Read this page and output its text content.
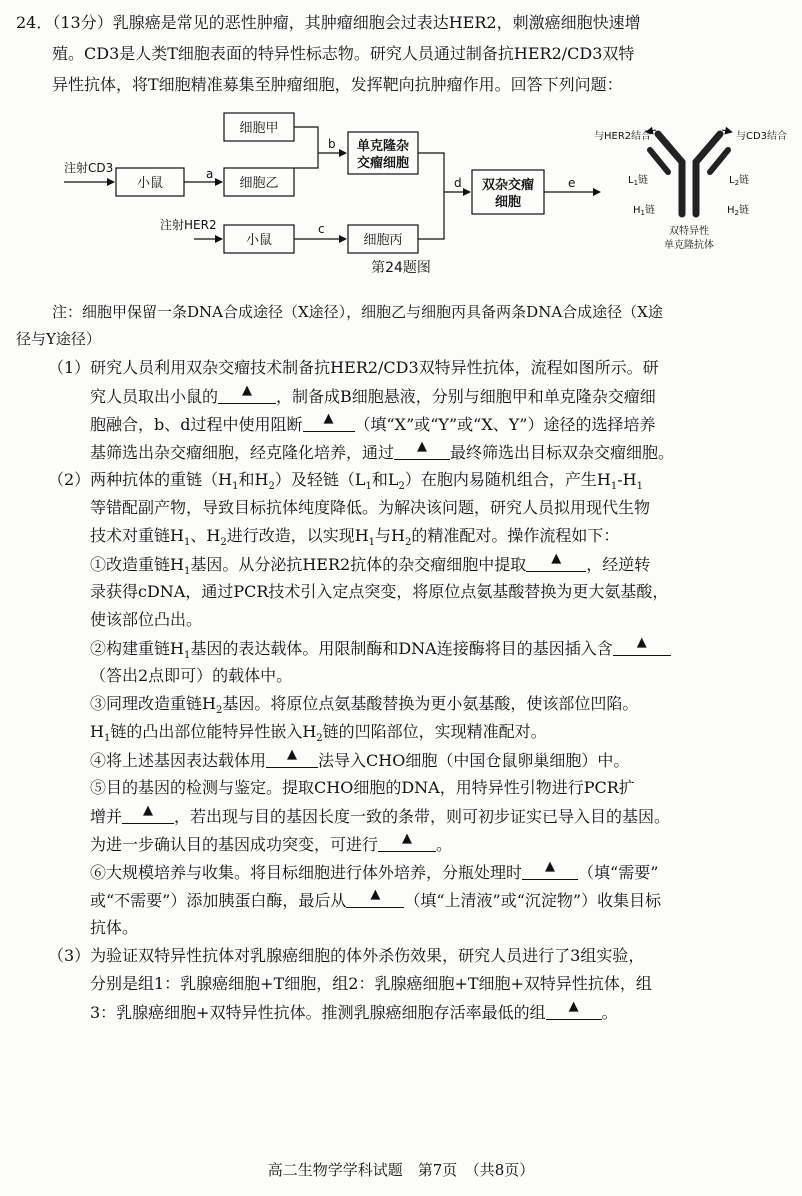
24．（13分）乳腺癌是常见的恶性肿瘤，其肿瘤细胞会过表达HER2，刺激癌细胞快速增
殖。CD3是人类T细胞表面的特异性标志物。研究人员通过制备抗HER2/CD3双特
异性抗体，将T细胞精准募集至肿瘤细胞，发挥靶向抗肿瘤作用。回答下列问题：
注射CD3
小鼠
a
细胞甲
细胞乙
b 单克隆杂
交瘤细胞
注射HER2
小鼠
c
细胞丙
d 双杂交瘤
细胞
e
与HER2结合	与CD3结合
$L_1$链	$L_2$链
$H_1$链	$H_2$链
双特异性
单克隆抗体
第24题图
注：细胞甲保留一条DNA合成途径（X途径），细胞乙与细胞丙具备两条DNA合成途径（X途
径与Y途径）
（1）研究人员利用双杂交瘤技术制备抗HER2/CD3双特异性抗体，流程如图所示。研
究人员取出小鼠的 ▲ ，制备成B细胞悬液，分别与细胞甲和单克隆杂交瘤细
胞融合，b、d过程中使用阻断 ▲ （填“X”或“Y”或“X、Y”）途径的选择培养
基筛选出杂交瘤细胞，经克隆化培养，通过 ▲ 最终筛选出目标双杂交瘤细胞。
（2）两种抗体的重链（$H_1$和$H_2$）及轻链（$L_1$和$L_2$）在胞内易随机组合，产生$H_1-H_1$
等错配副产物，导致目标抗体纯度降低。为解决该问题，研究人员拟用现代生物
技术对重链$H_1$、$H_2$进行改造，以实现$H_1$与$H_2$的精准配对。操作流程如下：
①改造重链$H_1$基因。从分泌抗HER2抗体的杂交瘤细胞中提取 ▲ ，经逆转
录获得cDNA，通过PCR技术引入定点突变，将原位点氨基酸替换为更大氨基酸，
使该部位凸出。
②构建重链$H_1$基因的表达载体。用限制酶和DNA连接酶将目的基因插入含 ▲
（答出2点即可）的载体中。
③同理改造重链$H_2$基因。将原位点氨基酸替换为更小氨基酸，使该部位凹陷。
$H_1$链的凸出部位能特异性嵌入$H_2$链的凹陷部位，实现精准配对。
④将上述基因表达载体用 ▲ 法导入CHO细胞（中国仓鼠卵巢细胞）中。
⑤目的基因的检测与鉴定。提取CHO细胞的DNA，用特异性引物进行PCR扩
增并 ▲ ，若出现与目的基因长度一致的条带，则可初步证实已导入目的基因。
为进一步确认目的基因成功突变，可进行 ▲ 。
⑥大规模培养与收集。将目标细胞进行体外培养，分瓶处理时 ▲ （填“需要”
或“不需要”）添加胰蛋白酶，最后从 ▲ （填“上清液”或“沉淀物”）收集目标
抗体。
（3）为验证双特异性抗体对乳腺癌细胞的体外杀伤效果，研究人员进行了3组实验，
分别是组1：乳腺癌细胞+T细胞，组2：乳腺癌细胞+T细胞+双特异性抗体，组
3：乳腺癌细胞+双特异性抗体。推测乳腺癌细胞存活率最低的组 ▲ 。
高二生物学学科试题　第7页　（共8页）
